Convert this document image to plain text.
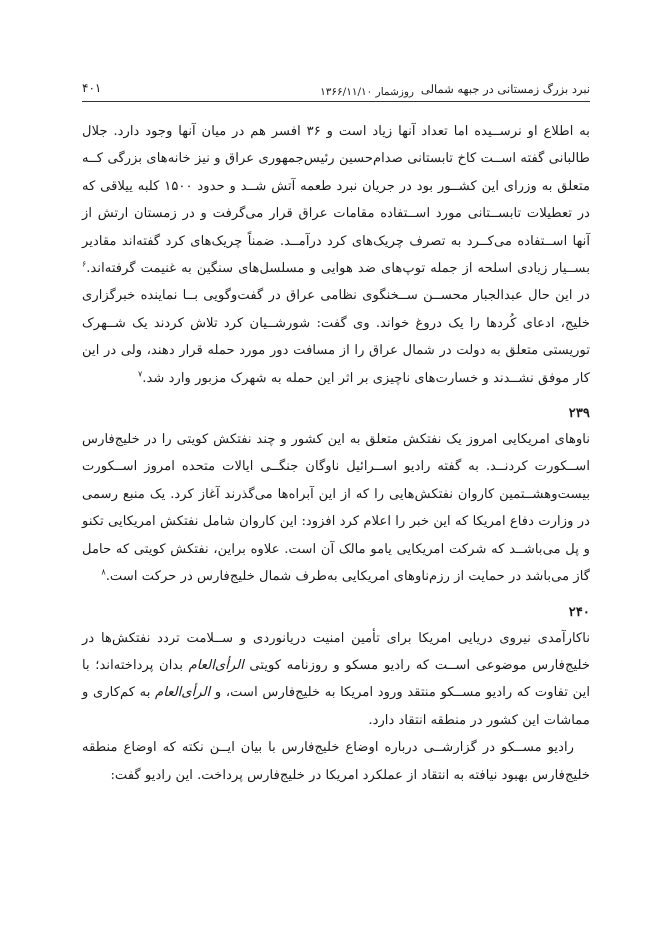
نبرد بزرگ زمستانی در جبهه شمالی
روزشمار ۱۳۶۶/۱۱/۱۰
۴۰۱

به اطلاع او نرســیده اما تعداد آنها زیاد است و ۳۶ افسر هم در میان آنها وجود دارد. جلال طالبانی گفته اســت کاخ تابستانی صدام‌حسین رئیس‌جمهوری عراق و نیز خانه‌های بزرگی کــه متعلق به وزرای این کشــور بود در جریان نبرد طعمه آتش شــد و حدود ۱۵۰۰ کلبه ییلاقی که در تعطیلات تابســتانی مورد اســتفاده مقامات عراق قرار می‌گرفت و در زمستان ارتش از آنها اســتفاده می‌کــرد به تصرف چریک‌های کرد درآمــد. ضمناً چریک‌های کرد گفته‌اند مقادیر بســیار زیادی اسلحه از جمله توپ‌های ضد هوایی و مسلسل‌های سنگین به غنیمت گرفته‌اند.$^۶$ در این حال عبدالجبار محســن ســخنگوی نظامی عراق در گفت‌وگویی بــا نماینده خبرگزاری خلیج، ادعای کُردها را یک دروغ خواند. وی گفت: شورشــیان کرد تلاش کردند یک شــهرک توریستی متعلق به دولت در شمال عراق را از مسافت دور مورد حمله قرار دهند، ولی در این کار موفق نشــدند و خسارت‌های ناچیزی بر اثر این حمله به شهرک مزبور وارد شد.$^۷$

۲۳۹

ناوهای امریکایی امروز یک نفتکش متعلق به این کشور و چند نفتکش کویتی را در خلیج‌فارس اســکورت کردنــد. به گفته رادیو اســرائیل ناوگان جنگــی ایالات متحده امروز اســکورت بیست‌وهشــتمین کاروان نفتکش‌هایی را که از این آبراه‌ها می‌گذرند آغاز کرد. یک منبع رسمی در وزارت دفاع امریکا که این خبر را اعلام کرد افزود: این کاروان شامل نفتکش امریکایی تکنو و پل می‌باشــد که شرکت امریکایی یامو مالک آن است. علاوه براین، نفتکش کویتی که حامل گاز می‌باشد در حمایت از رزم‌ناوهای امریکایی به‌طرف شمال خلیج‌فارس در حرکت است.$^۸$

۲۴۰

ناکارآمدی نیروی دریایی امریکا برای تأمین امنیت دریانوردی و ســلامت تردد نفتکش‌ها در خلیج‌فارس موضوعی اســت که رادیو مسکو و روزنامه کویتی الرأی‌العام بدان پرداخته‌اند؛ با این تفاوت که رادیو مســکو منتقد ورود امریکا به خلیج‌فارس است، و الرأی‌العام به کم‌کاری و مماشات این کشور در منطقه انتقاد دارد.

رادیو مســکو در گزارشــی درباره اوضاع خلیج‌فارس با بیان ایــن نکته که اوضاع منطقه خلیج‌فارس بهبود نیافته به انتقاد از عملکرد امریکا در خلیج‌فارس پرداخت. این رادیو گفت:
